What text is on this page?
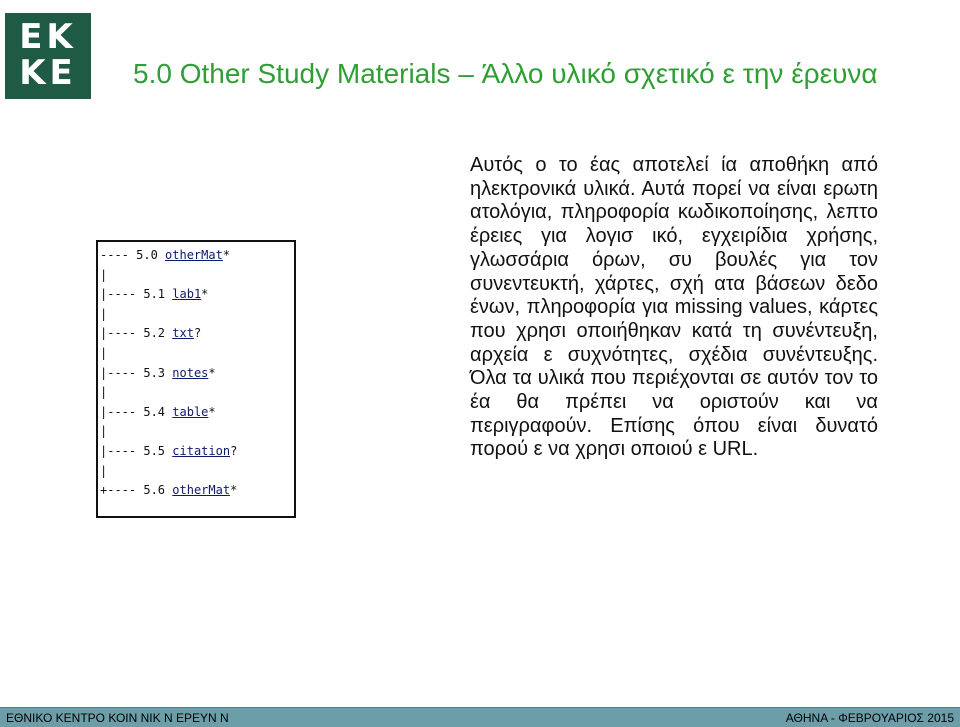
EK KE	5.0 Other Study Materials – Άλλο υλικό σχετικό ε την έρευνα
---- 5.0 otherMat*
|
|---- 5.1 lab1*
|
|---- 5.2 txt?
|
|---- 5.3 notes*
|
|---- 5.4 table*
|
|---- 5.5 citation?
|
+---- 5.6 otherMat*

Αυτός ο το έας αποτελεί ία αποθήκη από ηλεκτρονικά υλικά. Αυτά πορεί να είναι ερωτη ατολόγια, πληροφορία κωδικοποίησης, λεπτο έρειες για λογισ ικό, εγχειρίδια χρήσης, γλωσσάρια όρων, συ βουλές για τον συνεντευκτή, χάρτες, σχή ατα βάσεων δεδο ένων, πληροφορία για missing values, κάρτες που χρησι οποιήθηκαν κατά τη συνέντευξη, αρχεία ε συχνότητες, σχέδια συνέντευξης. Όλα τα υλικά που περιέχονται σε αυτόν τον το έα θα πρέπει να οριστούν και να περιγραφούν. Επίσης όπου είναι δυνατό πορού ε να χρησι οποιού ε URL.

ΕΘΝΙΚΟ ΚΕΝΤΡΟ ΚΟΙΝ ΝΙΚ Ν ΕΡΕΥΝ Ν	ΑΘΗΝΑ - ΦΕΒΡΟΥΑΡΙΟΣ 2015
